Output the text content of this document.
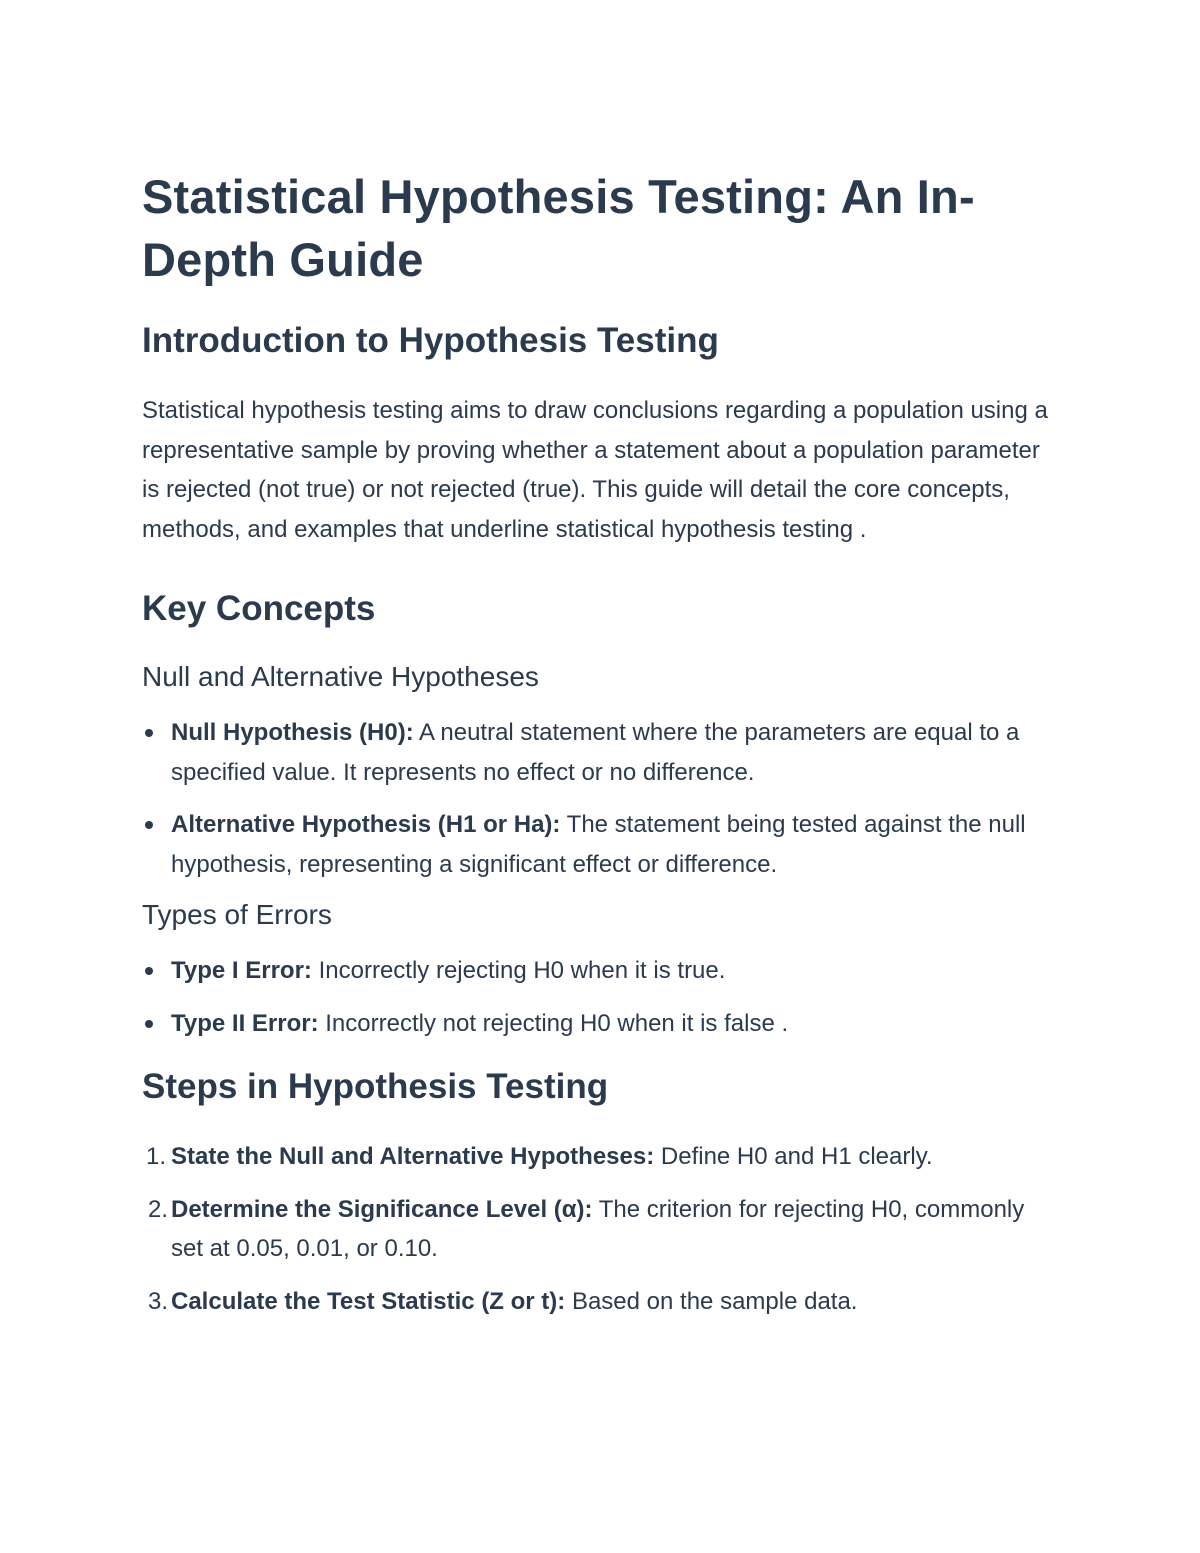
Statistical Hypothesis Testing: An In-Depth Guide
Introduction to Hypothesis Testing

Statistical hypothesis testing aims to draw conclusions regarding a population using a representative sample by proving whether a statement about a population parameter is rejected (not true) or not rejected (true). This guide will detail the core concepts, methods, and examples that underline statistical hypothesis testing .

Key Concepts
Null and Alternative Hypotheses
Null Hypothesis (H0): A neutral statement where the parameters are equal to a specified value. It represents no effect or no difference.
Alternative Hypothesis (H1 or Ha): The statement being tested against the null hypothesis, representing a significant effect or difference.
Types of Errors
Type I Error: Incorrectly rejecting H0 when it is true.
Type II Error: Incorrectly not rejecting H0 when it is false .
Steps in Hypothesis Testing
1. State the Null and Alternative Hypotheses: Define H0 and H1 clearly.
2. Determine the Significance Level (α): The criterion for rejecting H0, commonly set at 0.05, 0.01, or 0.10.
3. Calculate the Test Statistic (Z or t): Based on the sample data.
